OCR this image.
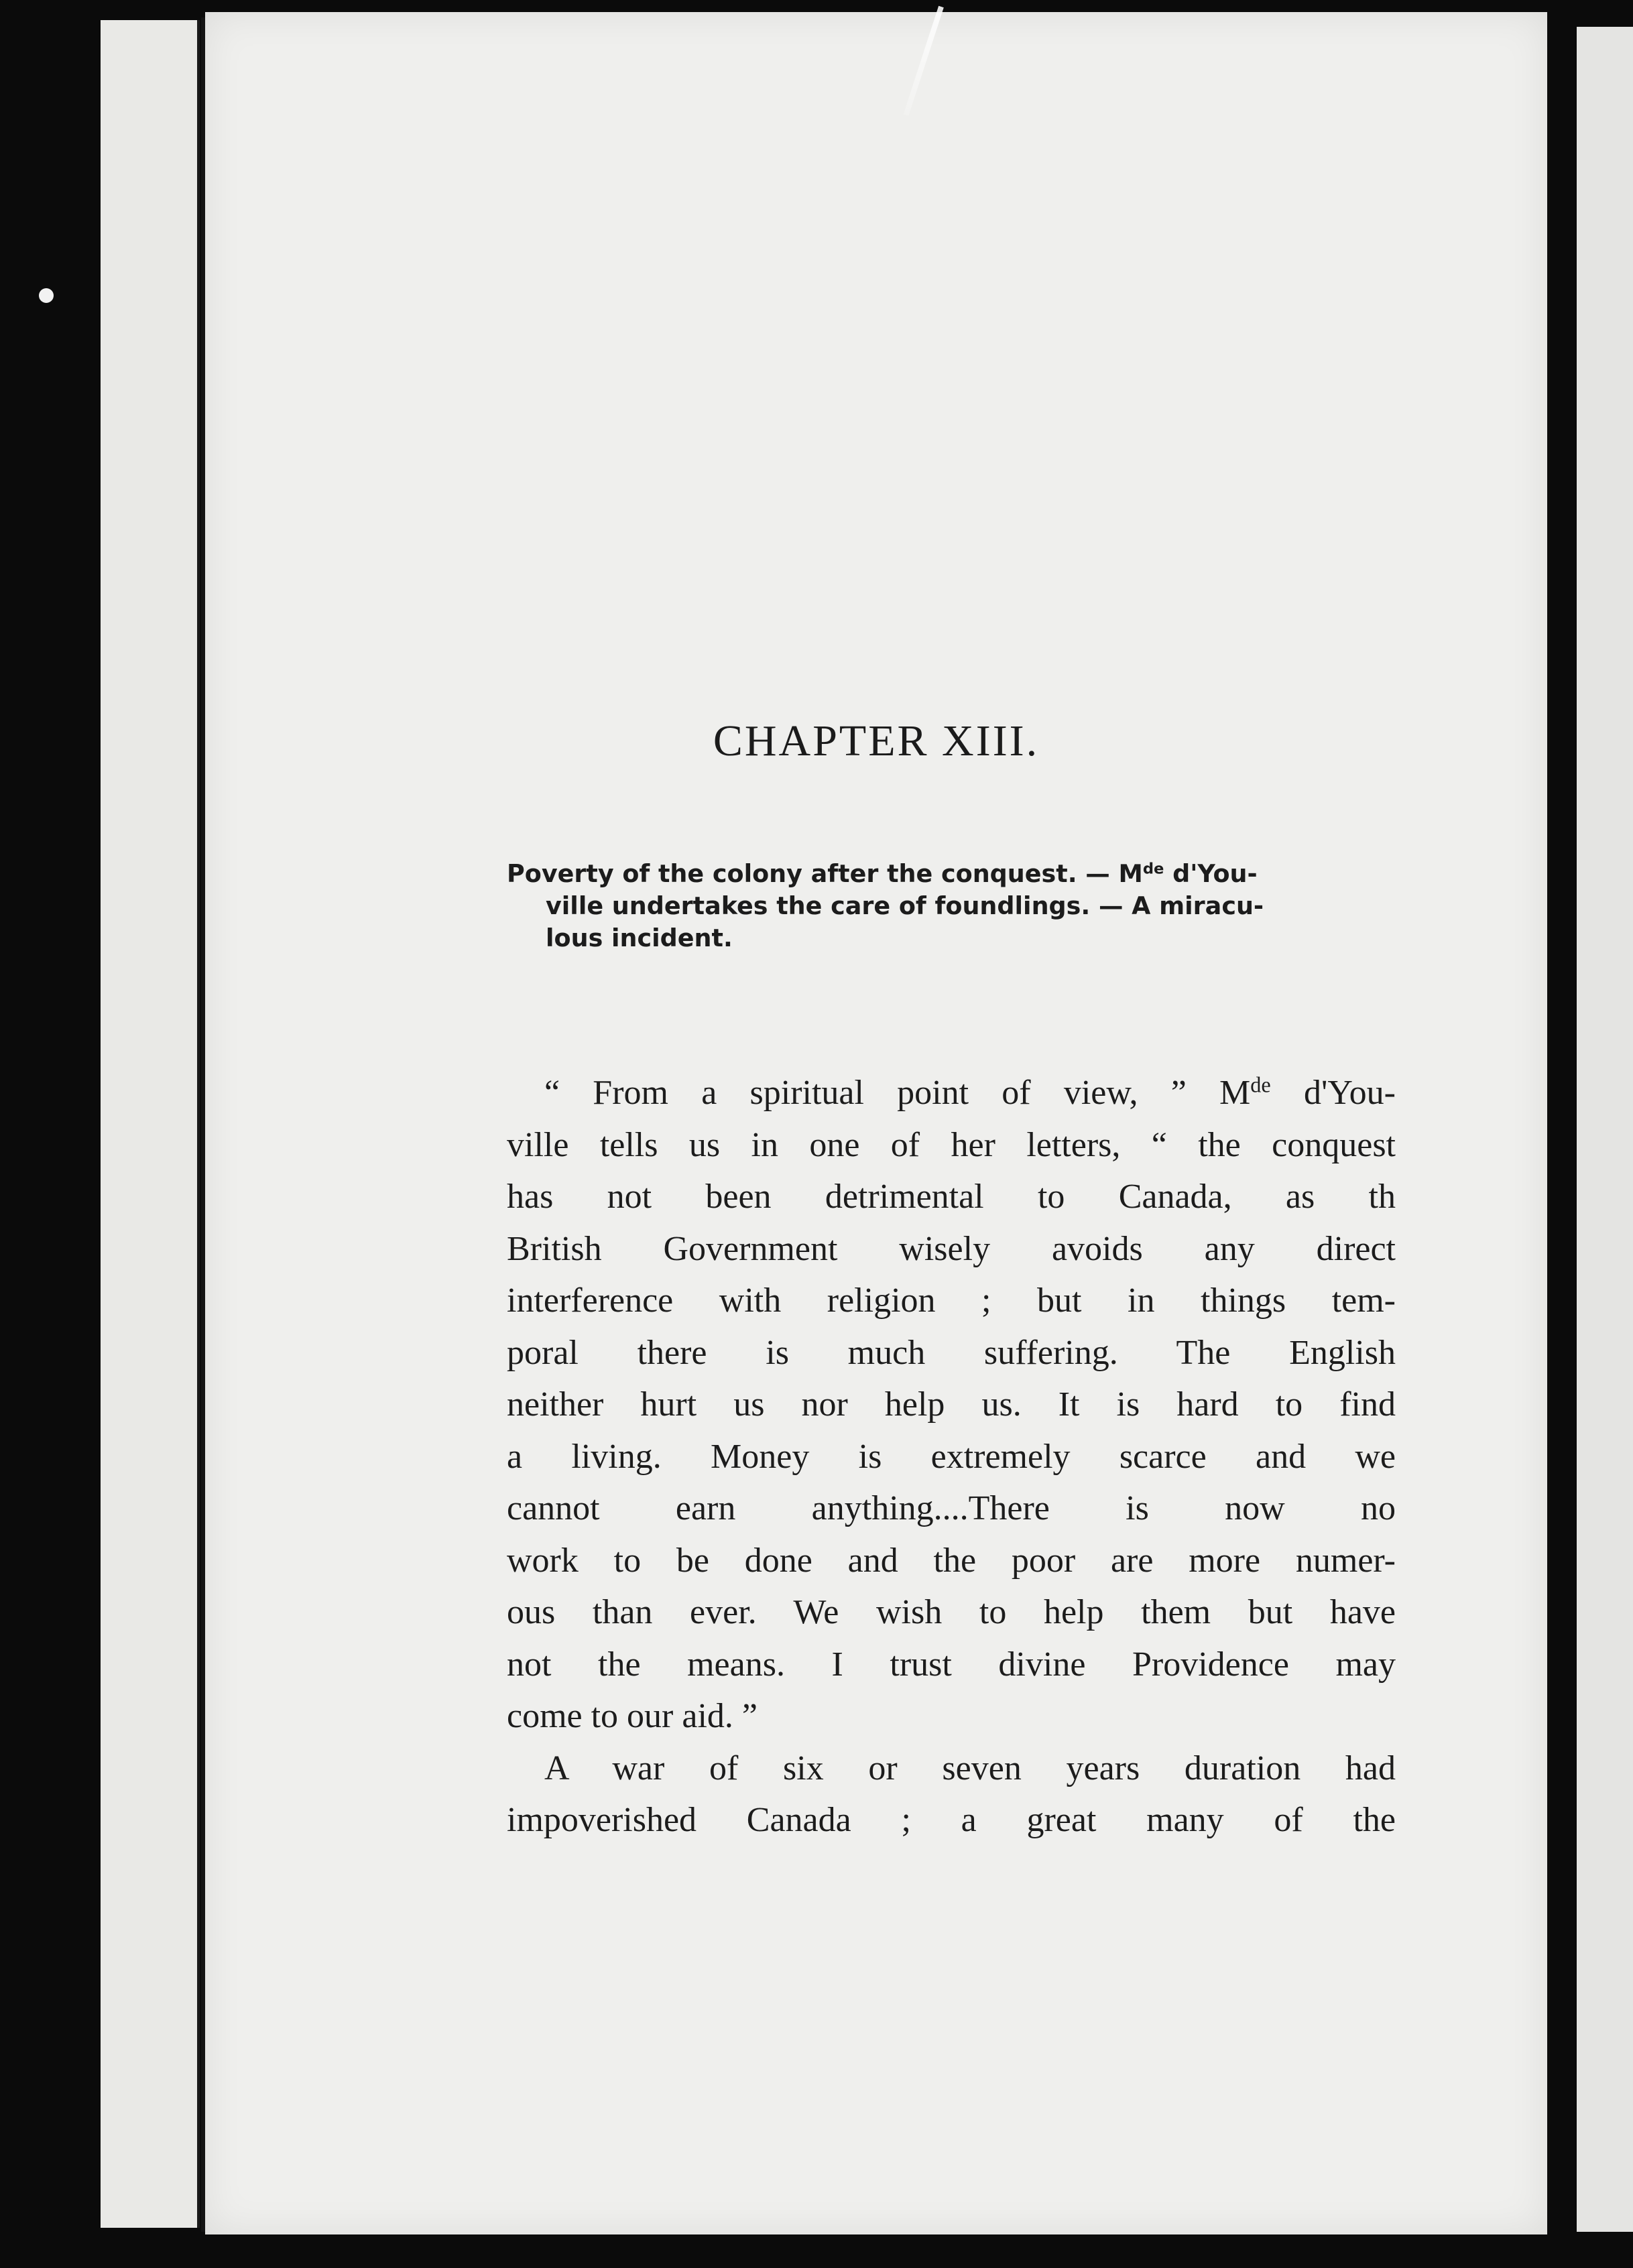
CHAPTER XIII.

Poverty of the colony after the conquest. — Mde d'You-
ville undertakes the care of foundlings. — A miracu-
lous incident.

“ From a spiritual point of view, ” Mde d'You-
ville tells us in one of her letters, “ the conquest
has not been detrimental to Canada, as th
British Government wisely avoids any direct
interference with religion ; but in things tem-
poral there is much suffering. The English
neither hurt us nor help us. It is hard to find
a living. Money is extremely scarce and we
cannot earn anything....There is now no
work to be done and the poor are more numer-
ous than ever. We wish to help them but have
not the means. I trust divine Providence may
come to our aid. ”
A war of six or seven years duration had
impoverished Canada ; a great many of the
